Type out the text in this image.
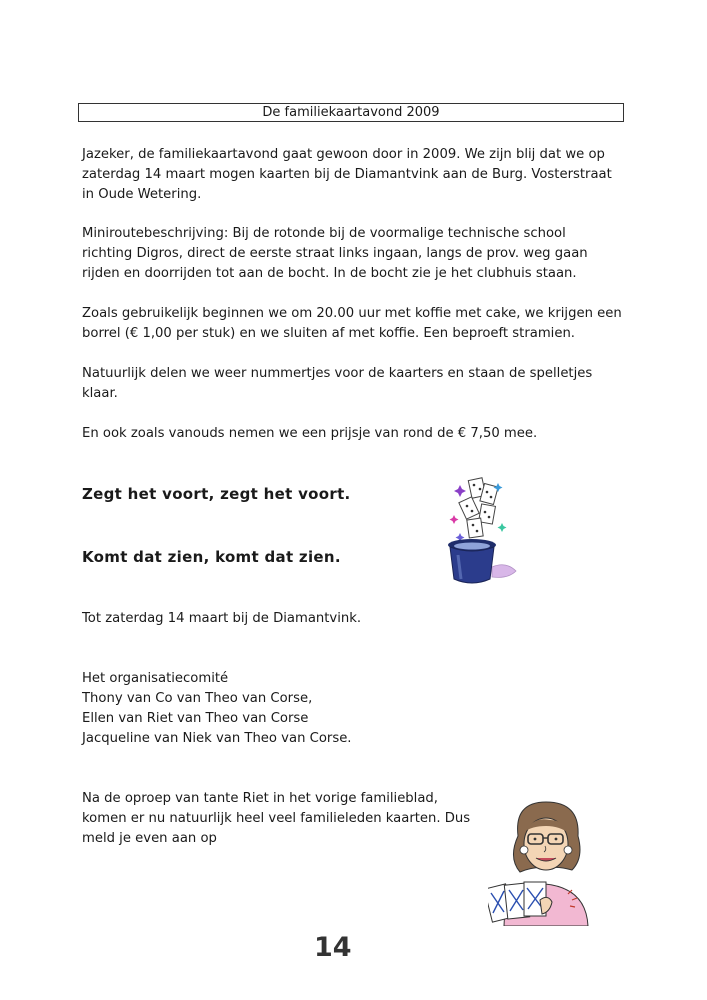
De familiekaartavond 2009

Jazeker, de familiekaartavond gaat gewoon door in 2009. We zijn blij dat we op
zaterdag 14 maart mogen kaarten bij de Diamantvink aan de Burg. Vosterstraat
in Oude Wetering.

Miniroutebeschrijving: Bij de rotonde bij de voormalige technische school
richting Digros, direct de eerste straat links ingaan, langs de prov. weg gaan
rijden en doorrijden tot aan de bocht. In de bocht zie je het clubhuis staan.

Zoals gebruikelijk beginnen we om 20.00 uur met koffie met cake, we krijgen een
borrel (€ 1,00 per stuk) en we sluiten af met koffie. Een beproeft stramien.

Natuurlijk delen we weer nummertjes voor de kaarters en staan de spelletjes
klaar.

En ook zoals vanouds nemen we een prijsje van rond de € 7,50 mee.

Zegt het voort, zegt het voort.

Komt dat zien, komt dat zien.

Tot zaterdag 14 maart bij de Diamantvink.

Het organisatiecomité
Thony van Co van Theo van Corse,
Ellen van Riet van Theo van Corse
Jacqueline van Niek van Theo van Corse.

Na de oproep van tante Riet in het vorige familieblad,
komen er nu natuurlijk heel veel familieleden kaarten. Dus
meld je even aan op

14
